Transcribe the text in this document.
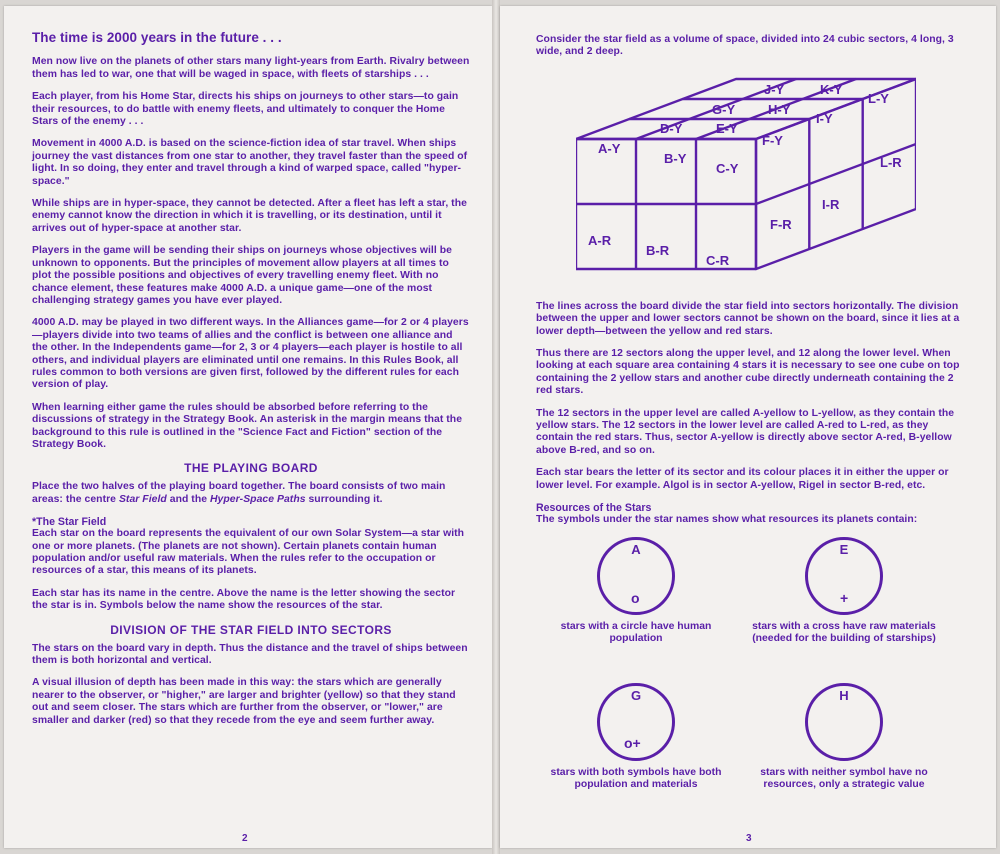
The time is 2000 years in the future . . .

Men now live on the planets of other stars many light-years from Earth. Rivalry between them has led to war, one that will be waged in space, with fleets of starships . . .

Each player, from his Home Star, directs his ships on journeys to other stars—to gain their resources, to do battle with enemy fleets, and ultimately to conquer the Home Stars of the enemy . . .

Movement in 4000 A.D. is based on the science-fiction idea of star travel. When ships journey the vast distances from one star to another, they travel faster than the speed of light. In so doing, they enter and travel through a kind of warped space, called "hyper-space."

While ships are in hyper-space, they cannot be detected. After a fleet has left a star, the enemy cannot know the direction in which it is travelling, or its destination, until it arrives out of hyper-space at another star.

Players in the game will be sending their ships on journeys whose objectives will be unknown to opponents. But the principles of movement allow players at all times to plot the possible positions and objectives of every travelling enemy fleet. With no chance element, these features make 4000 A.D. a unique game—one of the most challenging strategy games you have ever played.

4000 A.D. may be played in two different ways. In the Alliances game—for 2 or 4 players—players divide into two teams of allies and the conflict is between one alliance and the other. In the Independents game—for 2, 3 or 4 players—each player is hostile to all others, and individual players are eliminated until one remains. In this Rules Book, all rules common to both versions are given first, followed by the different rules for each version of play.

When learning either game the rules should be absorbed before referring to the discussions of strategy in the Strategy Book. An asterisk in the margin means that the background to this rule is outlined in the "Science Fact and Fiction" section of the Strategy Book.

THE PLAYING BOARD

Place the two halves of the playing board together. The board consists of two main areas: the centre Star Field and the Hyper-Space Paths surrounding it.

*The Star Field

Each star on the board represents the equivalent of our own Solar System—a star with one or more planets. (The planets are not shown). Certain planets contain human population and/or useful raw materials. When the rules refer to the occupation or resources of a star, this means of its planets.

Each star has its name in the centre. Above the name is the letter showing the sector the star is in. Symbols below the name show the resources of the star.

DIVISION OF THE STAR FIELD INTO SECTORS

The stars on the board vary in depth. Thus the distance and the travel of ships between them is both horizontal and vertical.

A visual illusion of depth has been made in this way: the stars which are generally nearer to the observer, or "higher," are larger and brighter (yellow) so that they stand out and seem closer. The stars which are further from the observer, or "lower," are smaller and darker (red) so that they recede from the eye and seem further away.

2

Consider the star field as a volume of space, divided into 24 cubic sectors, 4 long, 3 wide, and 2 deep.

J-Y	K-Y
G-Y	H-Y
L-Y
D-Y	E-Y
I-Y
A-Y
B-Y
F-Y
C-Y
A-R
B-R
C-R
F-R
I-R
L-R

The lines across the board divide the star field into sectors horizontally. The division between the upper and lower sectors cannot be shown on the board, since it lies at a lower depth—between the yellow and red stars.

Thus there are 12 sectors along the upper level, and 12 along the lower level. When looking at each square area containing 4 stars it is necessary to see one cube on top containing the 2 yellow stars and another cube directly underneath containing the 2 red stars.

The 12 sectors in the upper level are called A-yellow to L-yellow, as they contain the yellow stars. The 12 sectors in the lower level are called A-red to L-red, as they contain the red stars. Thus, sector A-yellow is directly above sector A-red, B-yellow above B-red, and so on.

Each star bears the letter of its sector and its colour places it in either the upper or lower level. For example. Algol is in sector A-yellow, Rigel in sector B-red, etc.

Resources of the Stars

The symbols under the star names show what resources its planets contain:

A
o
stars with a circle have human population
E
+
stars with a cross have raw materials (needed for the building of starships)
G
o+
stars with both symbols have both population and materials
H
stars with neither symbol have no resources, only a strategic value
3
